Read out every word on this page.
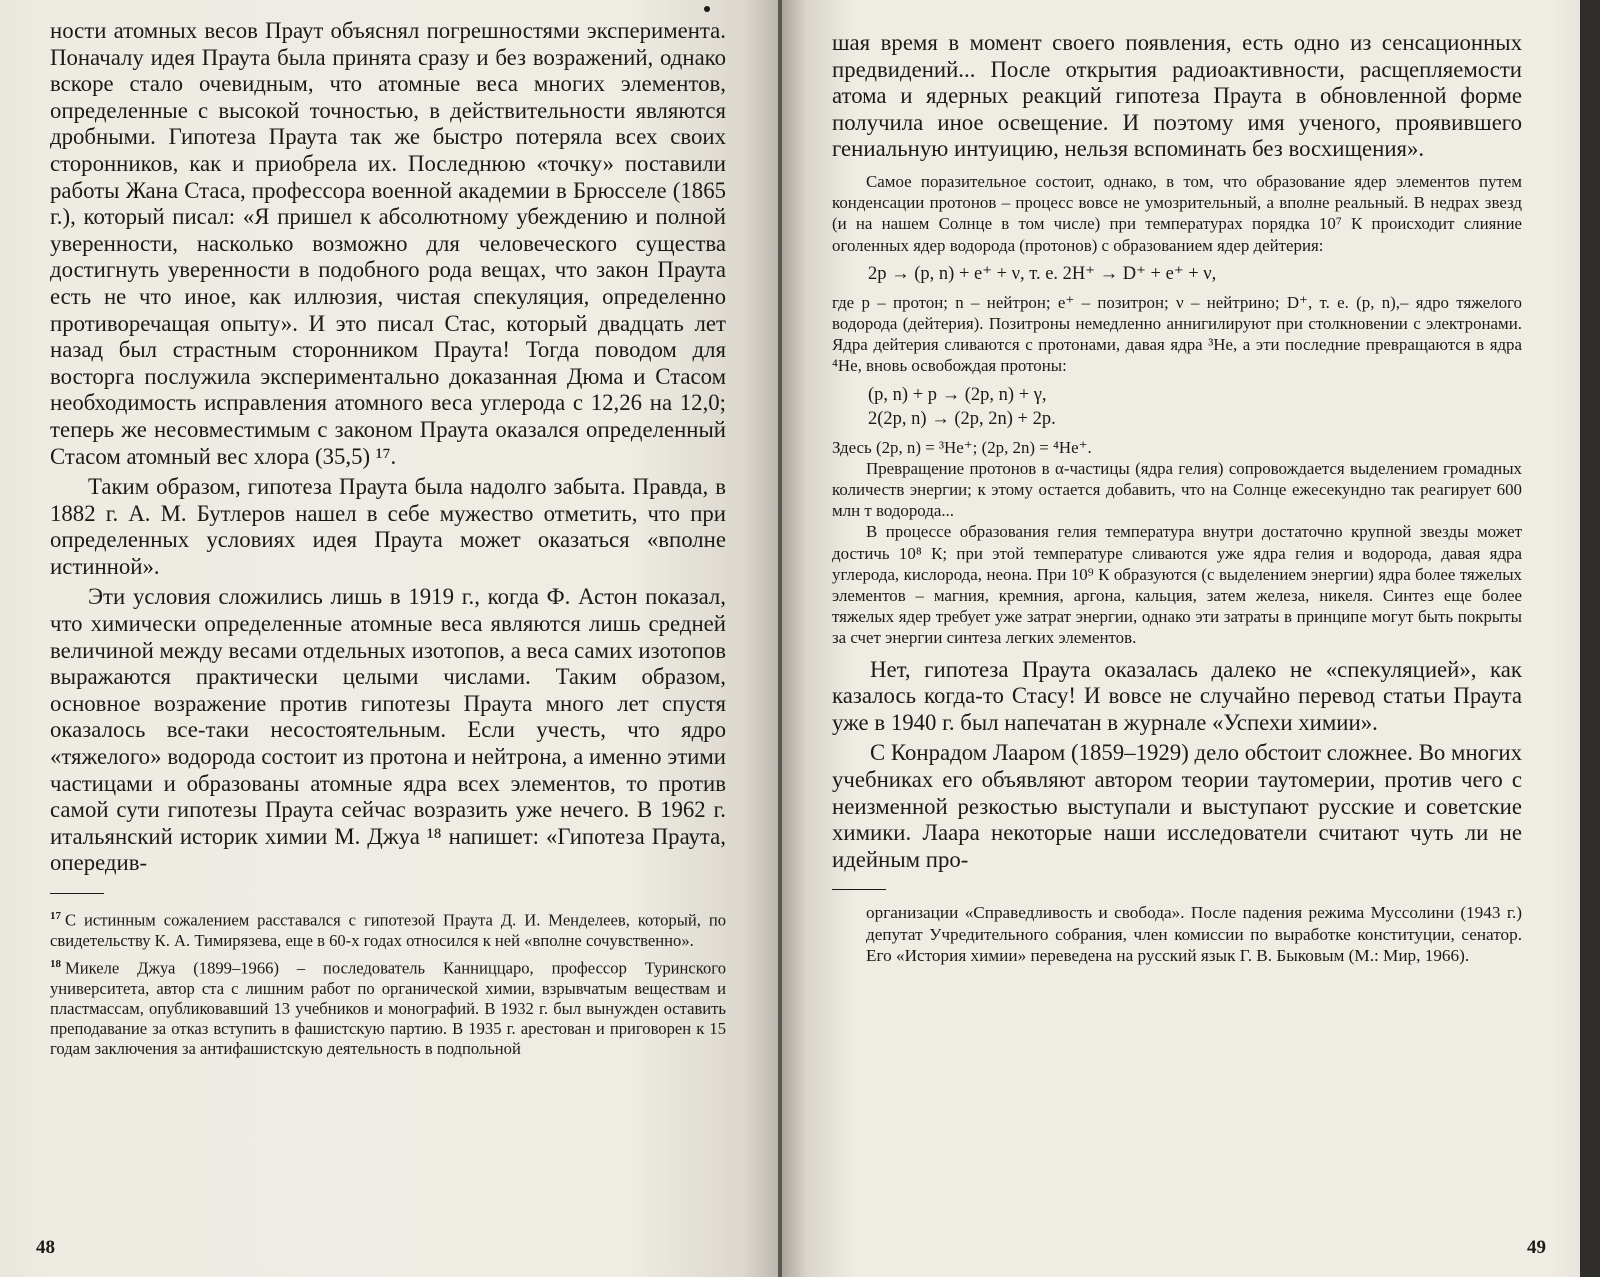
ности атомных весов Праут объяснял погрешностями эксперимента. Поначалу идея Праута была принята сразу и без возражений, однако вскоре стало очевидным, что атомные веса многих элементов, определенные с высокой точностью, в действительности являются дробными. Гипотеза Праута так же быстро потеряла всех своих сторонников, как и приобрела их. Последнюю «точку» поставили работы Жана Стаса, профессора военной академии в Брюсселе (1865 г.), который писал: «Я пришел к абсолютному убеждению и полной уверенности, насколько возможно для человеческого существа достигнуть уверенности в подобного рода вещах, что закон Праута есть не что иное, как иллюзия, чистая спекуляция, определенно противоречащая опыту». И это писал Стас, который двадцать лет назад был страстным сторонником Праута! Тогда поводом для восторга послужила экспериментально доказанная Дюма и Стасом необходимость исправления атомного веса углерода с 12,26 на 12,0; теперь же несовместимым с законом Праута оказался определенный Стасом атомный вес хлора (35,5) ¹⁷.

Таким образом, гипотеза Праута была надолго забыта. Правда, в 1882 г. А. М. Бутлеров нашел в себе мужество отметить, что при определенных условиях идея Праута может оказаться «вполне истинной».

Эти условия сложились лишь в 1919 г., когда Ф. Астон показал, что химически определенные атомные веса являются лишь средней величиной между весами отдельных изотопов, а веса самих изотопов выражаются практически целыми числами. Таким образом, основное возражение против гипотезы Праута много лет спустя оказалось все-таки несостоятельным. Если учесть, что ядро «тяжелого» водорода состоит из протона и нейтрона, а именно этими частицами и образованы атомные ядра всех элементов, то против самой сути гипотезы Праута сейчас возразить уже нечего. В 1962 г. итальянский историк химии М. Джуа ¹⁸ напишет: «Гипотеза Праута, опередив-

$^{17}$ С истинным сожалением расставался с гипотезой Праута Д. И. Менделеев, который, по свидетельству К. А. Тимирязева, еще в 60-х годах относился к ней «вполне сочувственно».

$^{18}$ Микеле Джуа (1899–1966) – последователь Канниццаро, профессор Туринского университета, автор ста с лишним работ по органической химии, взрывчатым веществам и пластмассам, опубликовавший 13 учебников и монографий. В 1932 г. был вынужден оставить преподавание за отказ вступить в фашистскую партию. В 1935 г. арестован и приговорен к 15 годам заключения за антифашистскую деятельность в подпольной

48

шая время в момент своего появления, есть одно из сенсационных предвидений... После открытия радиоактивности, расщепляемости атома и ядерных реакций гипотеза Праута в обновленной форме получила иное освещение. И поэтому имя ученого, проявившего гениальную интуицию, нельзя вспоминать без восхищения».

Самое поразительное состоит, однако, в том, что образование ядер элементов путем конденсации протонов – процесс вовсе не умозрительный, а вполне реальный. В недрах звезд (и на нашем Солнце в том числе) при температурах порядка 10⁷ К происходит слияние оголенных ядер водорода (протонов) с образованием ядер дейтерия:

2p → (p, n) + e⁺ + ν, т. е. 2H⁺ → D⁺ + e⁺ + ν,

где p – протон; n – нейтрон; e⁺ – позитрон; ν – нейтрино; D⁺, т. е. (p, n),– ядро тяжелого водорода (дейтерия). Позитроны немедленно аннигилируют при столкновении с электронами. Ядра дейтерия сливаются с протонами, давая ядра ³He, а эти последние превращаются в ядра ⁴He, вновь освобождая протоны:

(p, n) + p → (2p, n) + γ,

2(2p, n) → (2p, 2n) + 2p.

Здесь (2p, n) = ³He⁺; (2p, 2n) = ⁴He⁺.

Превращение протонов в α-частицы (ядра гелия) сопровождается выделением громадных количеств энергии; к этому остается добавить, что на Солнце ежесекундно так реагирует 600 млн т водорода...

В процессе образования гелия температура внутри достаточно крупной звезды может достичь 10⁸ К; при этой температуре сливаются уже ядра гелия и водорода, давая ядра углерода, кислорода, неона. При 10⁹ К образуются (с выделением энергии) ядра более тяжелых элементов – магния, кремния, аргона, кальция, затем железа, никеля. Синтез еще более тяжелых ядер требует уже затрат энергии, однако эти затраты в принципе могут быть покрыты за счет энергии синтеза легких элементов.

Нет, гипотеза Праута оказалась далеко не «спекуляцией», как казалось когда-то Стасу! И вовсе не случайно перевод статьи Праута уже в 1940 г. был напечатан в журнале «Успехи химии».

С Конрадом Лааром (1859–1929) дело обстоит сложнее. Во многих учебниках его объявляют автором теории таутомерии, против чего с неизменной резкостью выступали и выступают русские и советские химики. Лаара некоторые наши исследователи считают чуть ли не идейным про-

организации «Справедливость и свобода». После падения режима Муссолини (1943 г.) депутат Учредительного собрания, член комиссии по выработке конституции, сенатор. Его «История химии» переведена на русский язык Г. В. Быковым (М.: Мир, 1966).

49
